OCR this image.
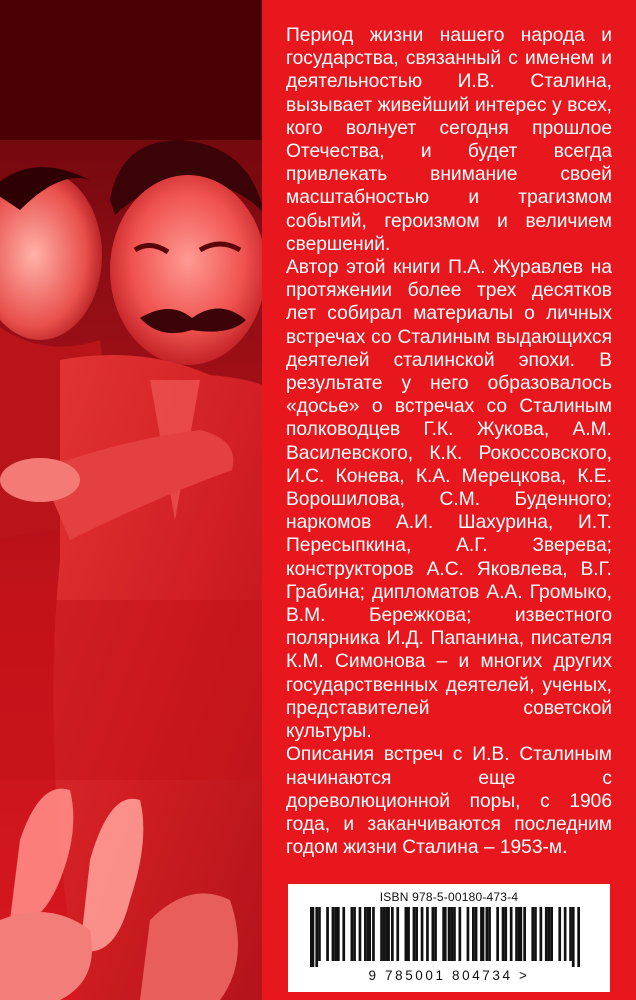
Период жизни нашего народа и государства, связанный с именем и деятельностью И.В. Сталина, вызывает живейший интерес у всех, кого волнует сегодня прошлое Отечества, и будет всегда привлекать внимание своей масштабностью и трагизмом событий, героизмом и величием свершений.

Автор этой книги П.А. Журавлев на протяжении более трех десятков лет собирал материалы о личных встречах со Сталиным выдающихся деятелей сталинской эпохи. В результате у него образовалось «досье» о встречах со Сталиным полководцев Г.К. Жукова, А.М. Василевского, К.К. Рокоссовского, И.С. Конева, К.А. Мерецкова, К.Е. Ворошилова, С.М. Буденного; наркомов А.И. Шахурина, И.Т. Пересыпкина, А.Г. Зверева; конструкторов А.С. Яковлева, В.Г. Грабина; дипломатов А.А. Громыко, В.М. Бережкова; известного полярника И.Д. Папанина, писателя К.М. Симонова – и многих других государственных деятелей, ученых, представителей советской культуры.

Описания встреч с И.В. Сталиным начинаются еще с дореволюционной поры, с 1906 года, и заканчиваются последним годом жизни Сталина – 1953-м.

ISBN 978-5-00180-473-4
9 785001 804734 >
